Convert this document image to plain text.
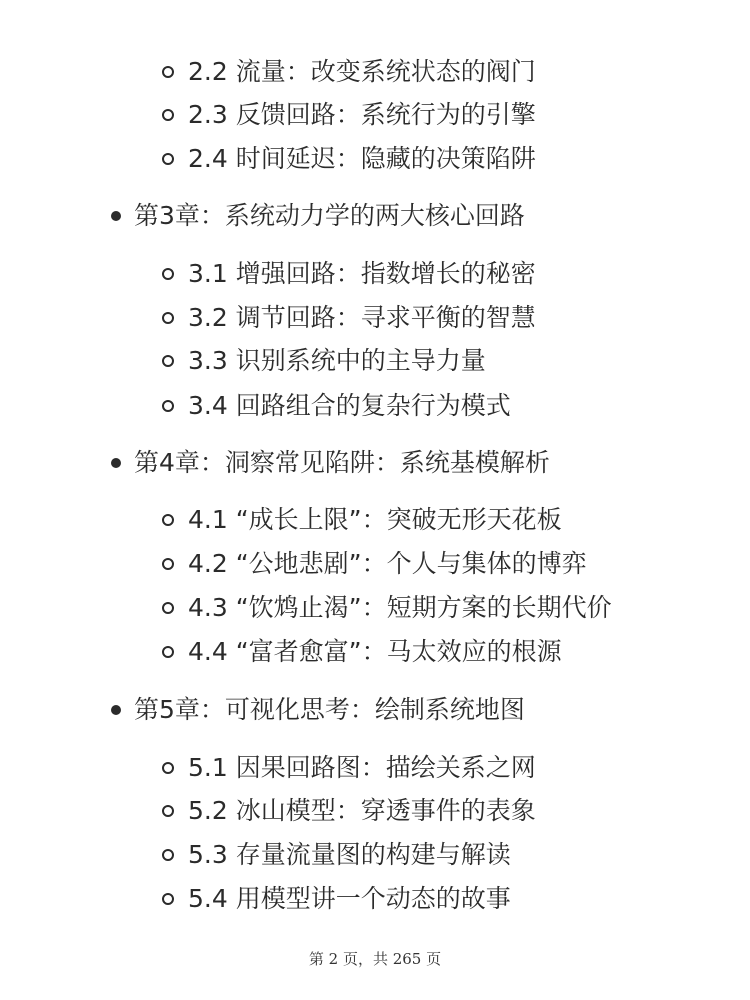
2.2 流量：改变系统状态的阀门
2.3 反馈回路：系统行为的引擎
2.4 时间延迟：隐藏的决策陷阱
第3章：系统动力学的两大核心回路
3.1 增强回路：指数增长的秘密
3.2 调节回路：寻求平衡的智慧
3.3 识别系统中的主导力量
3.4 回路组合的复杂行为模式
第4章：洞察常见陷阱：系统基模解析
4.1 “成长上限”：突破无形天花板
4.2 “公地悲剧”：个人与集体的博弈
4.3 “饮鸩止渴”：短期方案的长期代价
4.4 “富者愈富”：马太效应的根源
第5章：可视化思考：绘制系统地图
5.1 因果回路图：描绘关系之网
5.2 冰山模型：穿透事件的表象
5.3 存量流量图的构建与解读
5.4 用模型讲一个动态的故事
第 2 页，共 265 页
